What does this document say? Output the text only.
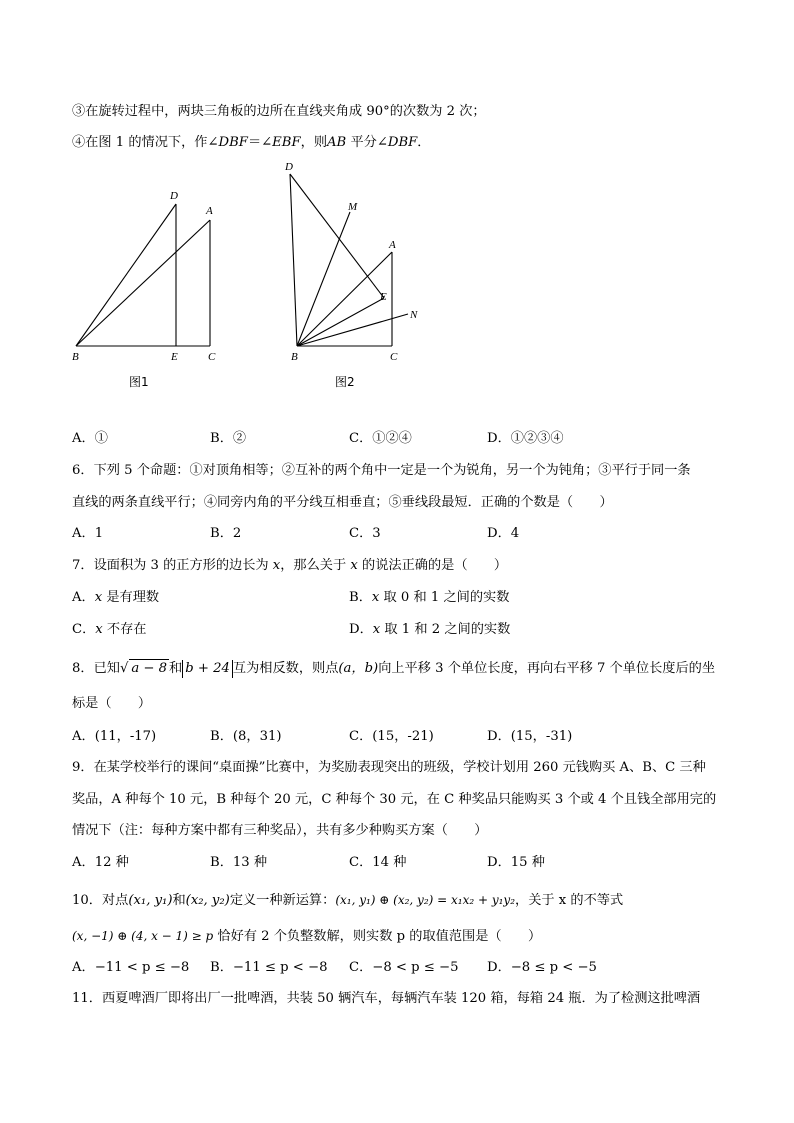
③在旋转过程中，两块三角板的边所在直线夹角成 90°的次数为 2 次；
④在图 1 的情况下，作∠DBF＝∠EBF，则AB 平分∠DBF．
D
A
B	E	C
图1
D
M
A
E
N
B	C
图2
A．①	B．②	C．①②④	D．①②③④
6．下列 5 个命题：①对顶角相等；②互补的两个角中一定是一个为锐角，另一个为钝角；③平行于同一条
直线的两条直线平行；④同旁内角的平分线互相垂直；⑤垂线段最短．正确的个数是（　　）
A．1	B．2	C．3	D．4
7．设面积为 3 的正方形的边长为 x，那么关于 x 的说法正确的是（　　）
A．x 是有理数	B．x 取 0 和 1 之间的实数
C．x 不存在	D．x 取 1 和 2 之间的实数
8．已知√ a − 8 和 b + 24 互为相反数，则点(a，b)向上平移 3 个单位长度，再向右平移 7 个单位长度后的坐
标是（　　）
A．(11，-17)	B．(8，31)	C．(15，-21)	D．(15，-31)
9．在某学校举行的课间“桌面操”比赛中，为奖励表现突出的班级，学校计划用 260 元钱购买 A、B、C 三种
奖品，A 种每个 10 元，B 种每个 20 元，C 种每个 30 元，在 C 种奖品只能购买 3 个或 4 个且钱全部用完的
情况下（注：每种方案中都有三种奖品），共有多少种购买方案（　　）
A．12 种	B．13 种	C．14 种	D．15 种
10．对点(x₁, y₁)和(x₂, y₂)定义一种新运算：(x₁, y₁) ⊕ (x₂, y₂) = x₁x₂ + y₁y₂，关于 x 的不等式
(x, −1) ⊕ (4, x − 1) ≥ p 恰好有 2 个负整数解，则实数 p 的取值范围是（　　）
A．−11 < p ≤ −8 B．−11 ≤ p < −8 C．−8 < p ≤ −5 D．−8 ≤ p < −5
11．西夏啤酒厂即将出厂一批啤酒，共装 50 辆汽车，每辆汽车装 120 箱，每箱 24 瓶．为了检测这批啤酒
